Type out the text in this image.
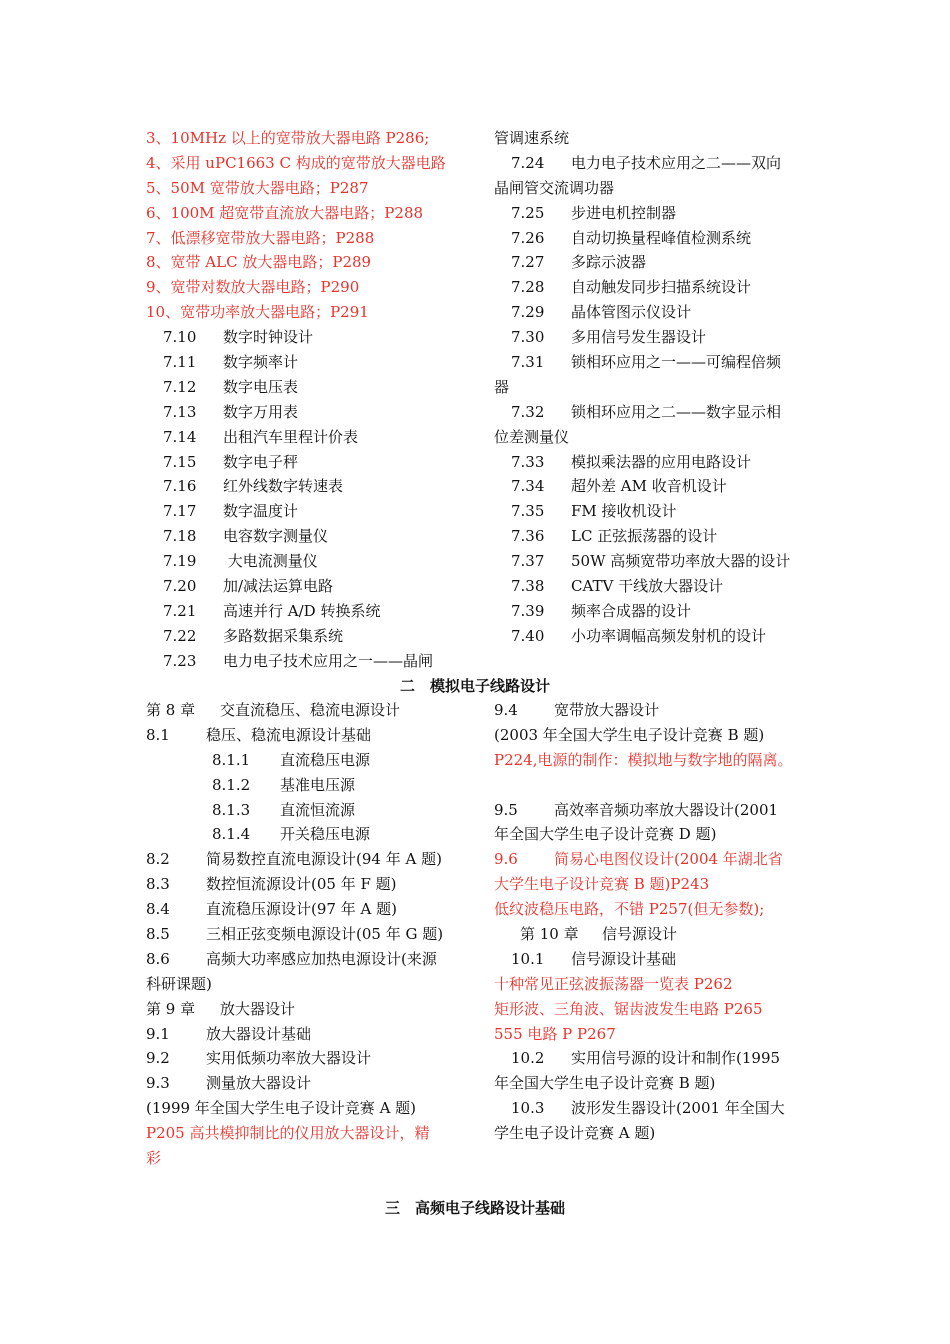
3、10MHz 以上的宽带放大器电路 P286;
4、采用 uPC1663 C 构成的宽带放大器电路
5、50M 宽带放大器电路；P287
6、100M 超宽带直流放大器电路；P288
7、低漂移宽带放大器电路；P288
8、宽带 ALC 放大器电路；P289
9、宽带对数放大器电路；P290
10、宽带功率放大器电路；P291
7.10 数字时钟设计
7.11 数字频率计
7.12 数字电压表
7.13 数字万用表
7.14 出租汽车里程计价表
7.15 数字电子秤
7.16 红外线数字转速表
7.17 数字温度计
7.18 电容数字测量仪
7.19 大电流测量仪
7.20 加/减法运算电路
7.21 高速并行 A/D 转换系统
7.22 多路数据采集系统
7.23 电力电子技术应用之一——晶闸
管调速系统
7.24 电力电子技术应用之二——双向
晶闸管交流调功器
7.25 步进电机控制器
7.26 自动切换量程峰值检测系统
7.27 多踪示波器
7.28 自动触发同步扫描系统设计
7.29 晶体管图示仪设计
7.30 多用信号发生器设计
7.31 锁相环应用之一——可编程倍频
器
7.32 锁相环应用之二——数字显示相
位差测量仪
7.33 模拟乘法器的应用电路设计
7.34 超外差 AM 收音机设计
7.35 FM 接收机设计
7.36 LC 正弦振荡器的设计
7.37 50W 高频宽带功率放大器的设计
7.38 CATV 干线放大器设计
7.39 频率合成器的设计
7.40 小功率调幅高频发射机的设计
二　模拟电子线路设计
第 8 章 交直流稳压、稳流电源设计
8.1 稳压、稳流电源设计基础
8.1.1 直流稳压电源
8.1.2 基准电压源
8.1.3 直流恒流源
8.1.4 开关稳压电源
8.2 简易数控直流电源设计(94 年 A 题)
8.3 数控恒流源设计(05 年 F 题)
8.4 直流稳压源设计(97 年 A 题)
8.5 三相正弦变频电源设计(05 年 G 题)
8.6 高频大功率感应加热电源设计(来源
科研课题)
第 9 章 放大器设计
9.1 放大器设计基础
9.2 实用低频功率放大器设计
9.3 测量放大器设计
(1999 年全国大学生电子设计竞赛 A 题)
P205 高共模抑制比的仪用放大器设计，精
彩
9.4 宽带放大器设计
(2003 年全国大学生电子设计竞赛 B 题)
P224,电源的制作：模拟地与数字地的隔离。
9.5 高效率音频功率放大器设计(2001
年全国大学生电子设计竞赛 D 题)
9.6 简易心电图仪设计(2004 年湖北省
大学生电子设计竞赛 B 题)P243
低纹波稳压电路，不错 P257(但无参数);
第 10 章 信号源设计
10.1 信号源设计基础
十种常见正弦波振荡器一览表 P262
矩形波、三角波、锯齿波发生电路 P265
555 电路 P P267
10.2 实用信号源的设计和制作(1995
年全国大学生电子设计竞赛 B 题)
10.3 波形发生器设计(2001 年全国大
学生电子设计竞赛 A 题)
三　高频电子线路设计基础
